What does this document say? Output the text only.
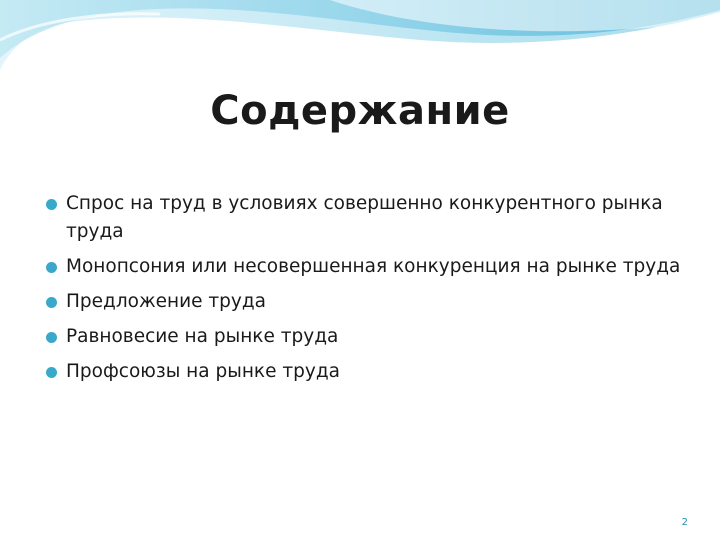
Содержание
Спрос на труд в условиях совершенно конкурентного рынка труда
Монопсония или несовершенная конкуренция на рынке труда
Предложение труда
Равновесие на рынке труда
Профсоюзы на рынке труда
2
